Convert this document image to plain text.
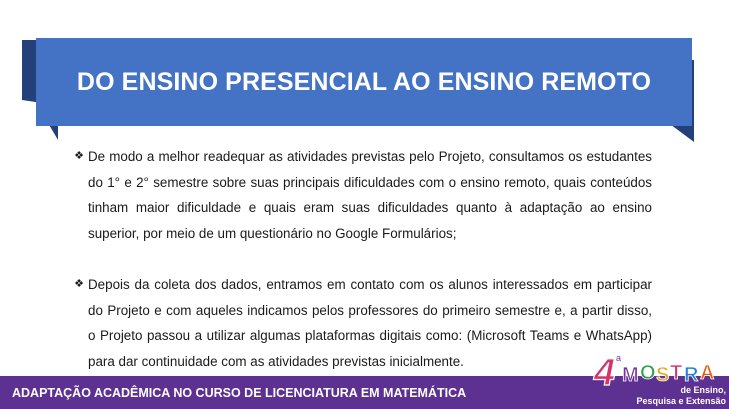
DO ENSINO PRESENCIAL AO ENSINO REMOTO
❖ De modo a melhor readequar as atividades previstas pelo Projeto, consultamos os estudantes do 1° e 2° semestre sobre suas principais dificuldades com o ensino remoto, quais conteúdos tinham maior dificuldade e quais eram suas dificuldades quanto à adaptação ao ensino superior, por meio de um questionário no Google Formulários;
❖ Depois da coleta dos dados, entramos em contato com os alunos interessados em participar do Projeto e com aqueles indicamos pelos professores do primeiro semestre e, a partir disso, o Projeto passou a utilizar algumas plataformas digitais como: (Microsoft Teams e WhatsApp) para dar continuidade com as atividades previstas inicialmente.
ADAPTAÇÃO ACADÊMICA NO CURSO DE LICENCIATURA EM MATEMÁTICA	4 a
M O S T R A
de Ensino,
Pesquisa e Extensão
